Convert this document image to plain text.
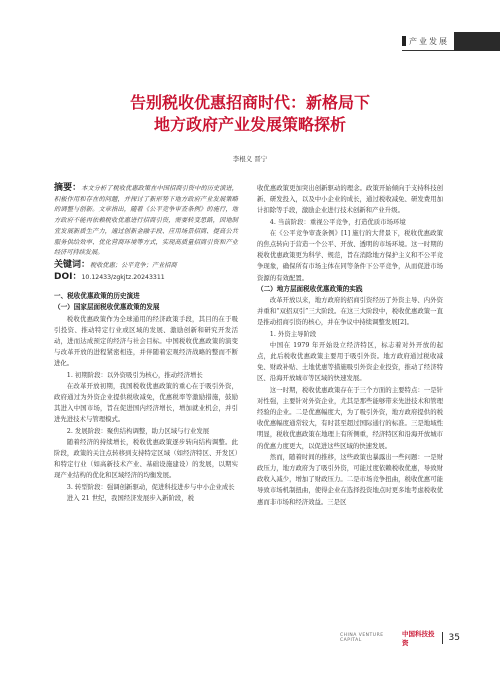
产业发展
告别税收优惠招商时代：新格局下
地方政府产业发展策略探析
李根义 晋宁
摘要：本文分析了税收优惠政策在中国招商引资中的历史演进，积极作用和存在的问题，并探讨了新形势下地方政府产业发展策略的调整与创新。文章指出，随着《公平竞争审查条例》的施行，地方政府不能再依赖税收优惠进行招商引资，需要转变思路，因地制宜发展新质生产力，通过创新金融手段、应用场景招商、提高公共服务供给效率、优化营商环境等方式，实现高质量招商引资和产业经济可持续发展。
关键词：税收优惠；公平竞争；产业招商
DOI：10.12433/zgkjtz.20243311
一、税收优惠政策的历史演进
（一）国家层面税收优惠政策的发展

税收优惠政策作为全球通用的经济政策手段，其目的在于吸引投资、推动特定行业或区域的发展、激励创新和研究开发活动，进而达成预定的经济与社会目标。中国税收优惠政策的演变与改革开放的进程紧密相连，并伴随着宏观经济战略的整而不断进化。

1. 初期阶段：以外资吸引为核心，推动经济增长

在改革开放初期，我国税收优惠政策的重心在于吸引外资，政府通过为外资企业提供税收减免，优惠税率等激励措施，鼓励其进入中国市场，旨在促进国内经济增长，增加就业机会，并引进先进技术与管理模式。

2. 发展阶段：聚焦结构调整，助力区域与行业发展

随着经济的持续增长，税收优惠政策逐步转向结构调整。此阶段，政策的关注点转移到支持特定区域（如经济特区、开发区）和特定行业（如高新技术产业、基础设施建设）的发展，以期实现产业结构的优化和区域经济的均衡发展。

3. 转型阶段：强调创新驱动，促进科技进步与中小企业成长

进入 21 世纪，我国经济发展步入新阶段，税

收优惠政策更加突出创新驱动的理念。政策开始倾向于支持科技创新、研发投入，以及中小企业的成长，通过税收减免、研发费用加计扣除等手段，激励企业进行技术创新和产业升级。

4. 当前阶段：重视公平竞争，打造优质市场环境

在《公平竞争审查条例》[1] 施行的大背景下，税收优惠政策的焦点转向于营造一个公平、开放、透明的市场环境。这一时期的税收优惠政策更为科学、规范，旨在消除地方保护主义和不公平竞争现象，确保所有市场主体在同等条件下公平竞争，从而促进市场资源的有效配置。

（二）地方层面税收优惠政策的实践

改革开放以来，地方政府的招商引资经历了外资主导、内外资并重和“双招双引”三大阶段。在这三大阶段中，税收优惠政策一直是推动招商引资的核心，并在争议中持续调整发展[2]。

1. 外资主导阶段

中国在 1979 年开始设立经济特区，标志着对外开放的起点，此后税收优惠政策主要用于吸引外资。地方政府通过税收减免、财政补贴、土地优惠等措施吸引外资企业投资，推动了经济特区、沿海开放城市等区域的快速发展。

这一时期，税收优惠政策存在于三个方面的主要特点：一是针对性强，主要针对外资企业，尤其是那些能够带来先进技术和管理经验的企业。二是优惠幅度大，为了吸引外资，地方政府提供的税收优惠幅度通常较大，有时甚至超过国际通行的标准。三是地域性明显，税收优惠政策在地理上有所侧重，经济特区和沿海开放城市的优惠力度更大，以促进这些区域的快速发展。

然而，随着时间的推移，这些政策也暴露出一些问题：一是财政压力，地方政府为了吸引外资，可能过度依赖税收优惠，导致财政收入减少，增加了财政压力。二是市场竞争扭曲，税收优惠可能导致市场机制扭曲，使得企业在选择投资地点时更多地考虑税收优惠而非市场和经济效益。三是区

CHINA VENTURE CAPITAL
中国科技投资	35
